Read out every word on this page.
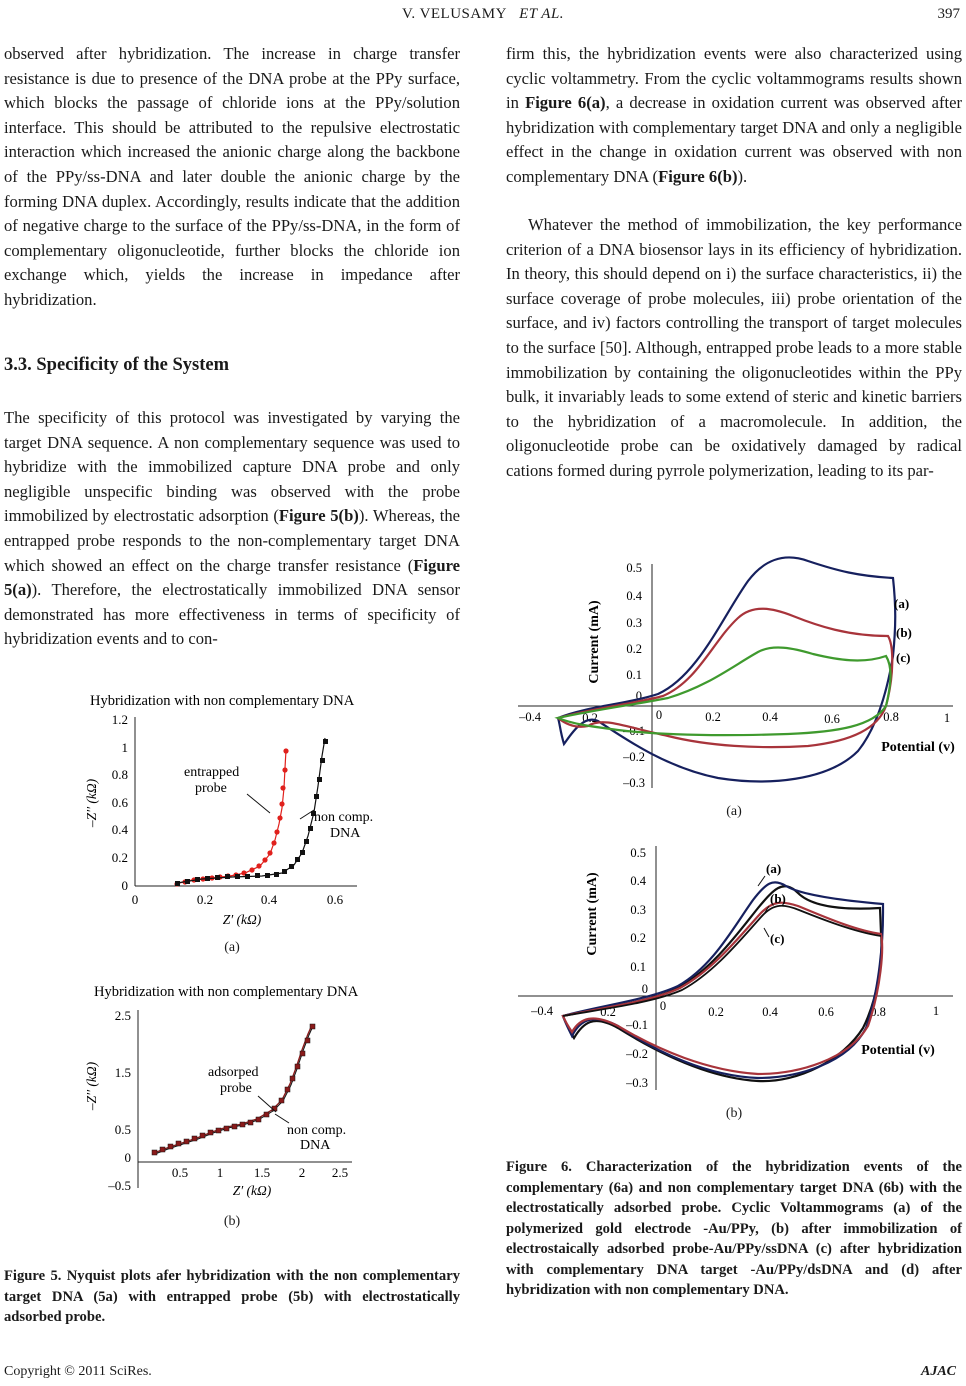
V. VELUSAMY ET AL.	397

observed after hybridization. The increase in charge transfer resistance is due to presence of the DNA probe at the PPy surface, which blocks the passage of chloride ions at the PPy/solution interface. This should be attributed to the repulsive electrostatic interaction which increased the anionic charge along the backbone of the PPy/ss-DNA and later double the anionic charge by the forming DNA duplex. Accordingly, results indicate that the addition of negative charge to the surface of the PPy/ss-DNA, in the form of complementary oligonucleotide, further blocks the chloride ion exchange which, yields the increase in impedance after hybridization.

3.3. Specificity of the System

The specificity of this protocol was investigated by varying the target DNA sequence. A non complementary sequence was used to hybridize with the immobilized capture DNA probe and only negligible unspecific binding was observed with the probe immobilized by electrostatic adsorption (Figure 5(b)). Whereas, the entrapped probe responds to the non-complementary target DNA which showed an effect on the charge transfer resistance (Figure 5(a)). Therefore, the electrostatically immobilized DNA sensor demonstrated has more effectiveness in terms of specificity of hybridization events and to con-

Hybridization with non complementary DNA
0
0.2
0.4
0.6
0.8
1
1.2
0	0.2	0.4	0.6
Z′ (kΩ)
–Z′′ (kΩ)
entrapped
probe
non comp.
DNA
(a)
Hybridization with non complementary DNA
2.5
1.5
0.5
0
–0.5
0.5 1 1.5 2 2.5
Z′ (kΩ)
–Z′′ (kΩ)	adsorped
probe
non comp.
DNA
(b)
Figure 5. Nyquist plots afer hybridization with the non complementary target DNA (5a) with entrapped probe (5b) with electrostatically adsorbed probe.

firm this, the hybridization events were also characterized using cyclic voltammetry. From the cyclic voltammograms results shown in Figure 6(a), a decrease in oxidation current was observed after hybridization with complementary target DNA and only a negligible effect in the change in oxidation current was observed with non complementary DNA (Figure 6(b)).

Whatever the method of immobilization, the key performance criterion of a DNA biosensor lays in its efficiency of hybridization. In theory, this should depend on i) the surface characteristics, ii) the surface coverage of probe molecules, iii) probe orientation of the surface, and iv) factors controlling the transport of target molecules to the surface [50]. Although, entrapped probe leads to a more stable immobilization by containing the oligonucleotides within the PPy bulk, it invariably leads to some extend of steric and kinetic barriers to the hybridization of a macromolecule. In addition, the oligonucleotide probe can be oxidatively damaged by radical cations formed during pyrrole polymerization, leading to its par-

0.5
0.4
0.3
0.2
0.1
0
–0.1
–0.2
–0.3
–0.4	0.2	0	0.2	0.4	0.6	0.8	1
Current (mA)
Potential (v)
(a)
(b)
(c)
(a)
0.5
0.4
0.3
0.2
0.1
0
–0.1
–0.2
–0.3
–0.4	0.2	0	0.2	0.4	0.6	0.8	1
Current (mA)
Potential (v)
(a)
(b)
(c)
(b)
Figure 6. Characterization of the hybridization events of the complementary (6a) and non complementary target DNA (6b) with the electrostatically adsorbed probe. Cyclic Voltammograms (a) of the polymerized gold electrode -Au/PPy, (b) after immobilization of electrostaically adsorbed probe-Au/PPy/ssDNA (c) after hybridization with complementary DNA target -Au/PPy/dsDNA and (d) after hybridization with non complementary DNA.
Copyright © 2011 SciRes.	AJAC
